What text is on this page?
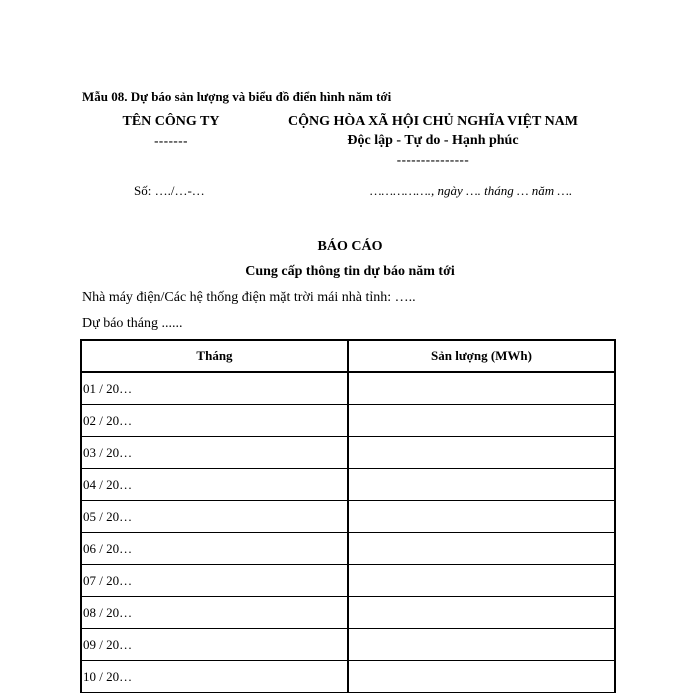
Mẫu 08. Dự báo sản lượng và biểu đồ điển hình năm tới
TÊN CÔNG TY
-------
CỘNG HÒA XÃ HỘI CHỦ NGHĨA VIỆT NAM
Độc lập - Tự do - Hạnh phúc
---------------
Số: …./…-…	……………., ngày …. tháng … năm ….
BÁO CÁO
Cung cấp thông tin dự báo năm tới
Nhà máy điện/Các hệ thống điện mặt trời mái nhà tỉnh: …..
Dự báo tháng ......
Tháng	Sản lượng (MWh)
01 / 20…	
02 / 20…	
03 / 20…	
04 / 20…	
05 / 20…	
06 / 20…	
07 / 20…	
08 / 20…	
09 / 20…	
10 / 20…	
